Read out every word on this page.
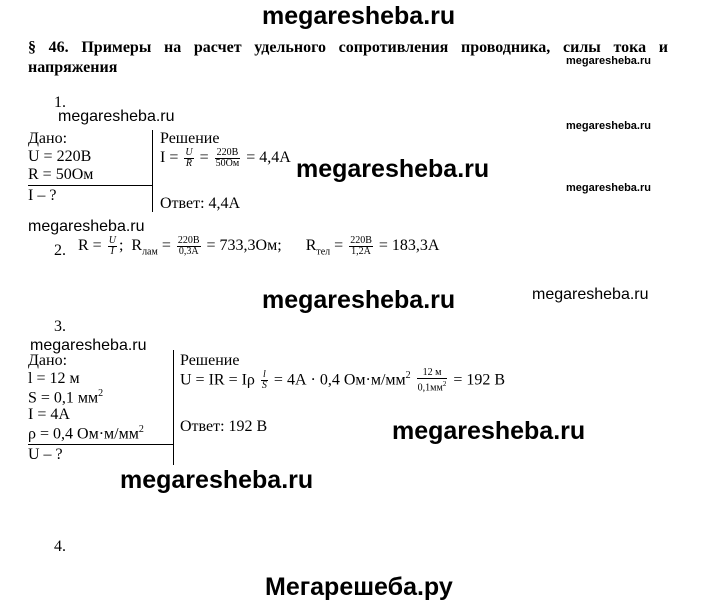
megaresheba.ru
megaresheba.ru
megaresheba.ru
megaresheba.ru
megaresheba.ru
megaresheba.ru
megaresheba.ru
megaresheba.ru	megaresheba.ru
megaresheba.ru
megaresheba.ru
megaresheba.ru
Мегарешеба.ру
§ 46. Примеры на расчет удельного сопротивления проводника, силы тока и напряжения
1.
Дано:
U = 220В
R = 50Ом
I – ?
Решение
$I = \frac{U}{R} = \frac{220В}{50Ом} = 4,4А$
Ответ: 4,4А
2. $R = \frac{U}{I}$ ; $R_{лам} = \frac{220В}{0,3А} = 733,3Ом$; $R_{тел} = \frac{220В}{1,2А} = 183,3А$
3.
Дано:
l = 12 м
S = 0,1 $мм^2$
I = 4А
ρ = 0,4 $Ом\cdot м/мм^2$
U – ?
Решение
U = IR = Iρ $\frac{l}{S} = 4А \cdot 0,4$ $Ом\cdot м/мм^2 \frac{12 м}{0,1мм^2} = 192$ В
Ответ: 192 В
4.
